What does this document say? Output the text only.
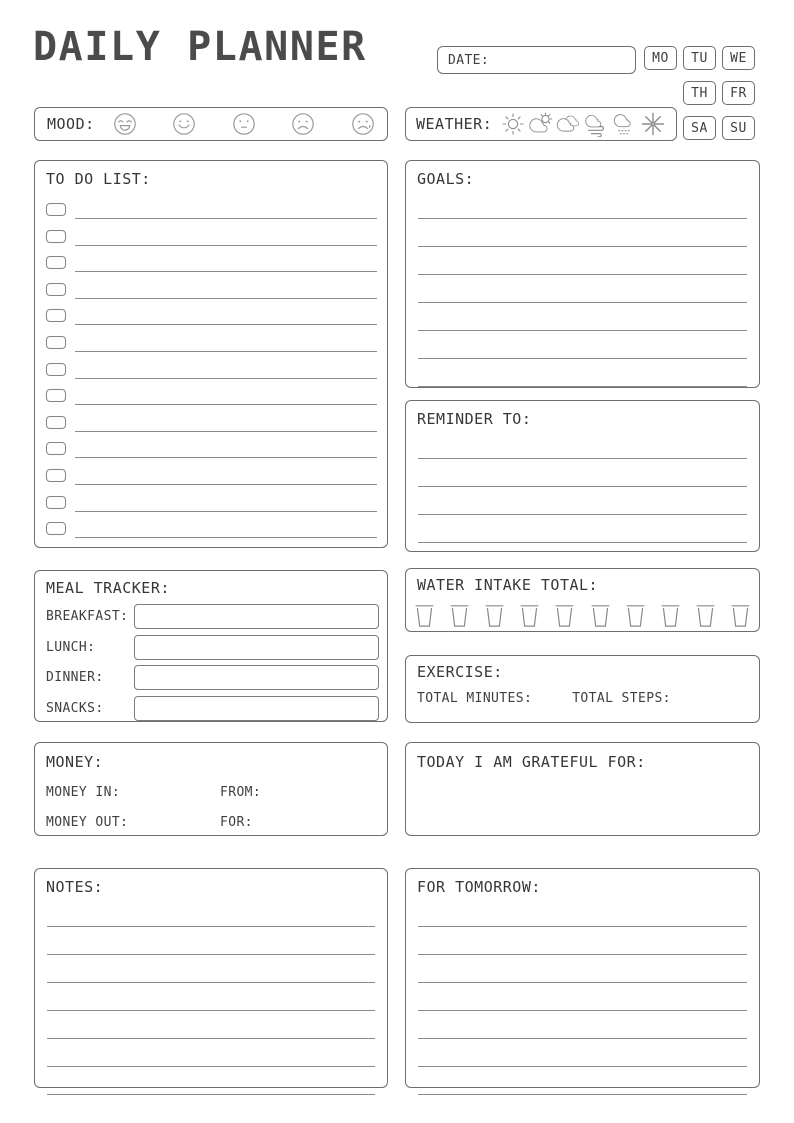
DAILY PLANNER	DATE:	MO	TU	WE
TH	FR
SA	SU
MOOD:	WEATHER:
TO DO LIST:	GOALS:
REMINDER TO:
MEAL TRACKER:
BREAKFAST:
LUNCH:
DINNER:
SNACKS:
WATER INTAKE TOTAL:
EXERCISE:
TOTAL MINUTES:	TOTAL STEPS:
MONEY:
MONEY IN:	FROM:
MONEY OUT:	FOR:
TODAY I AM GRATEFUL FOR:
NOTES:	FOR TOMORROW:
